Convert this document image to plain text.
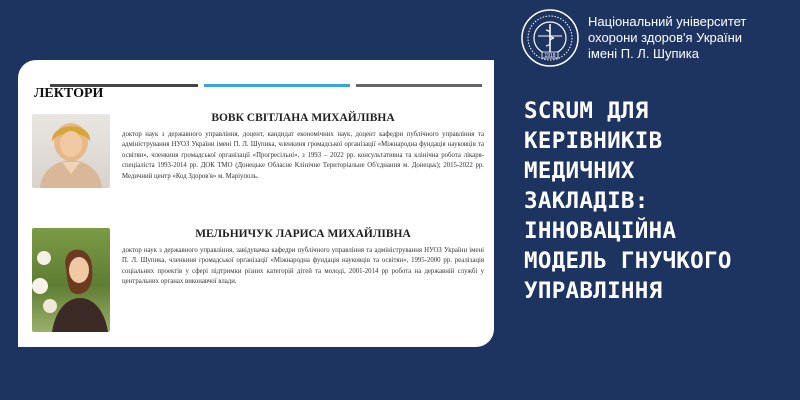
1918
Національний університет
охорони здоров'я України
імені П. Л. Шупика
ЛЕКТОРИ
ВОВК СВІТЛАНА МИХАЙЛІВНА
доктор наук з державного управління, доцент, кандидат економічних наук, доцент кафедри публічного управління та адміністрування НУОЗ України імені П. Л. Шупика, членкиня громадської організації «Міжнародна фундація науковців та освітян», членкиня громадської організації «Прогресільні», з 1993 – 2022 рр. консультативна та клінічна робота лікаря-спеціаліста 1993-2014 рр. ДОК ТМО (Донецьке Обласне Клінічне Територіальне Об'єднання м. Донецьк); 2015-2022 рр. Медичний центр «Код Здоров'я» м. Маріуполь.
МЕЛЬНИЧУК ЛАРИСА МИХАЙЛІВНА
доктор наук з державного управління, завідувачка кафедри публічного управління та адміністрування НУОЗ України імені П. Л. Шупика, членкиня громадської організації «Міжнародна фундація науковців та освітян», 1995-2000 рр. реалізація соціальних проектів у сфері підтримки різних категорій дітей та молоді, 2001-2014 рр робота на державній службі у центральних органах виконавчої влади.
SCRUM ДЛЯ
КЕРІВНИКІВ
МЕДИЧНИХ
ЗАКЛАДІВ:
ІННОВАЦІЙНА
МОДЕЛЬ ГНУЧКОГО
УПРАВЛІННЯ
